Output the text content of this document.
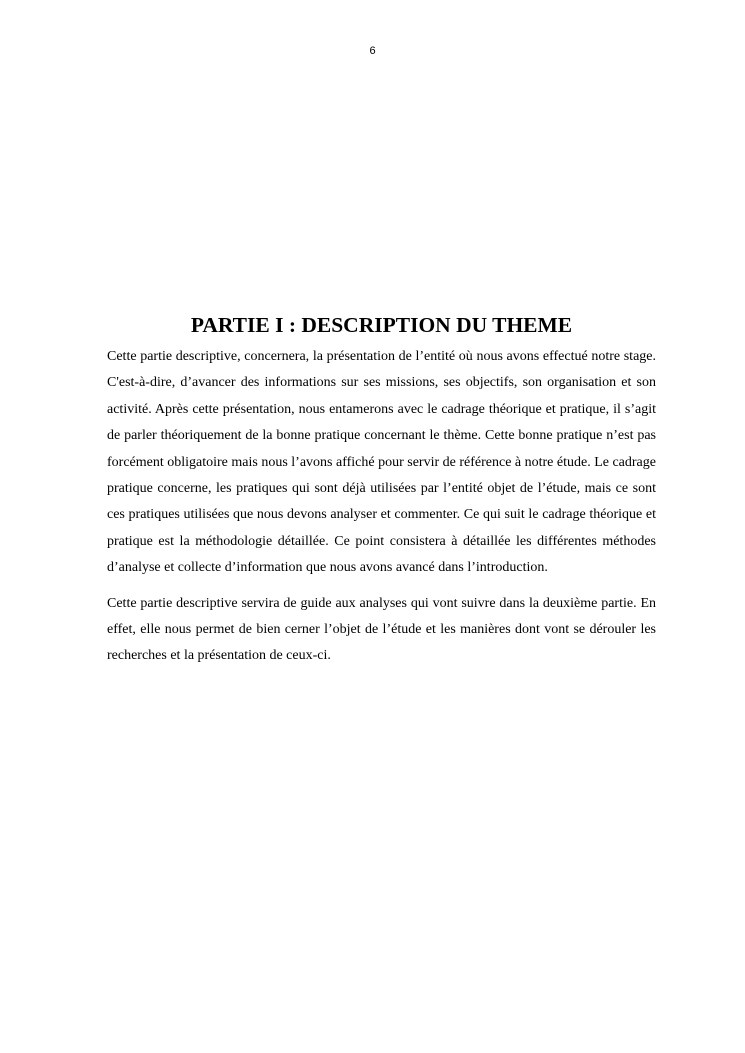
6
PARTIE I : DESCRIPTION DU THEME

Cette partie descriptive, concernera, la présentation de l’entité où nous avons effectué notre stage. C'est-à-dire, d’avancer des informations sur ses missions, ses objectifs, son organisation et son activité. Après cette présentation, nous entamerons avec le cadrage théorique et pratique, il s’agit de parler théoriquement de la bonne pratique concernant le thème. Cette bonne pratique n’est pas forcément obligatoire mais nous l’avons affiché pour servir de référence à notre étude. Le cadrage pratique concerne, les pratiques qui sont déjà utilisées par l’entité objet de l’étude, mais ce sont ces pratiques utilisées que nous devons analyser et commenter. Ce qui suit le cadrage théorique et pratique est la méthodologie détaillée. Ce point consistera à détaillée les différentes méthodes d’analyse et collecte d’information que nous avons avancé dans l’introduction.

Cette partie descriptive servira de guide aux analyses qui vont suivre dans la deuxième partie. En effet, elle nous permet de bien cerner l’objet de l’étude et les manières dont vont se dérouler les recherches et la présentation de ceux-ci.
